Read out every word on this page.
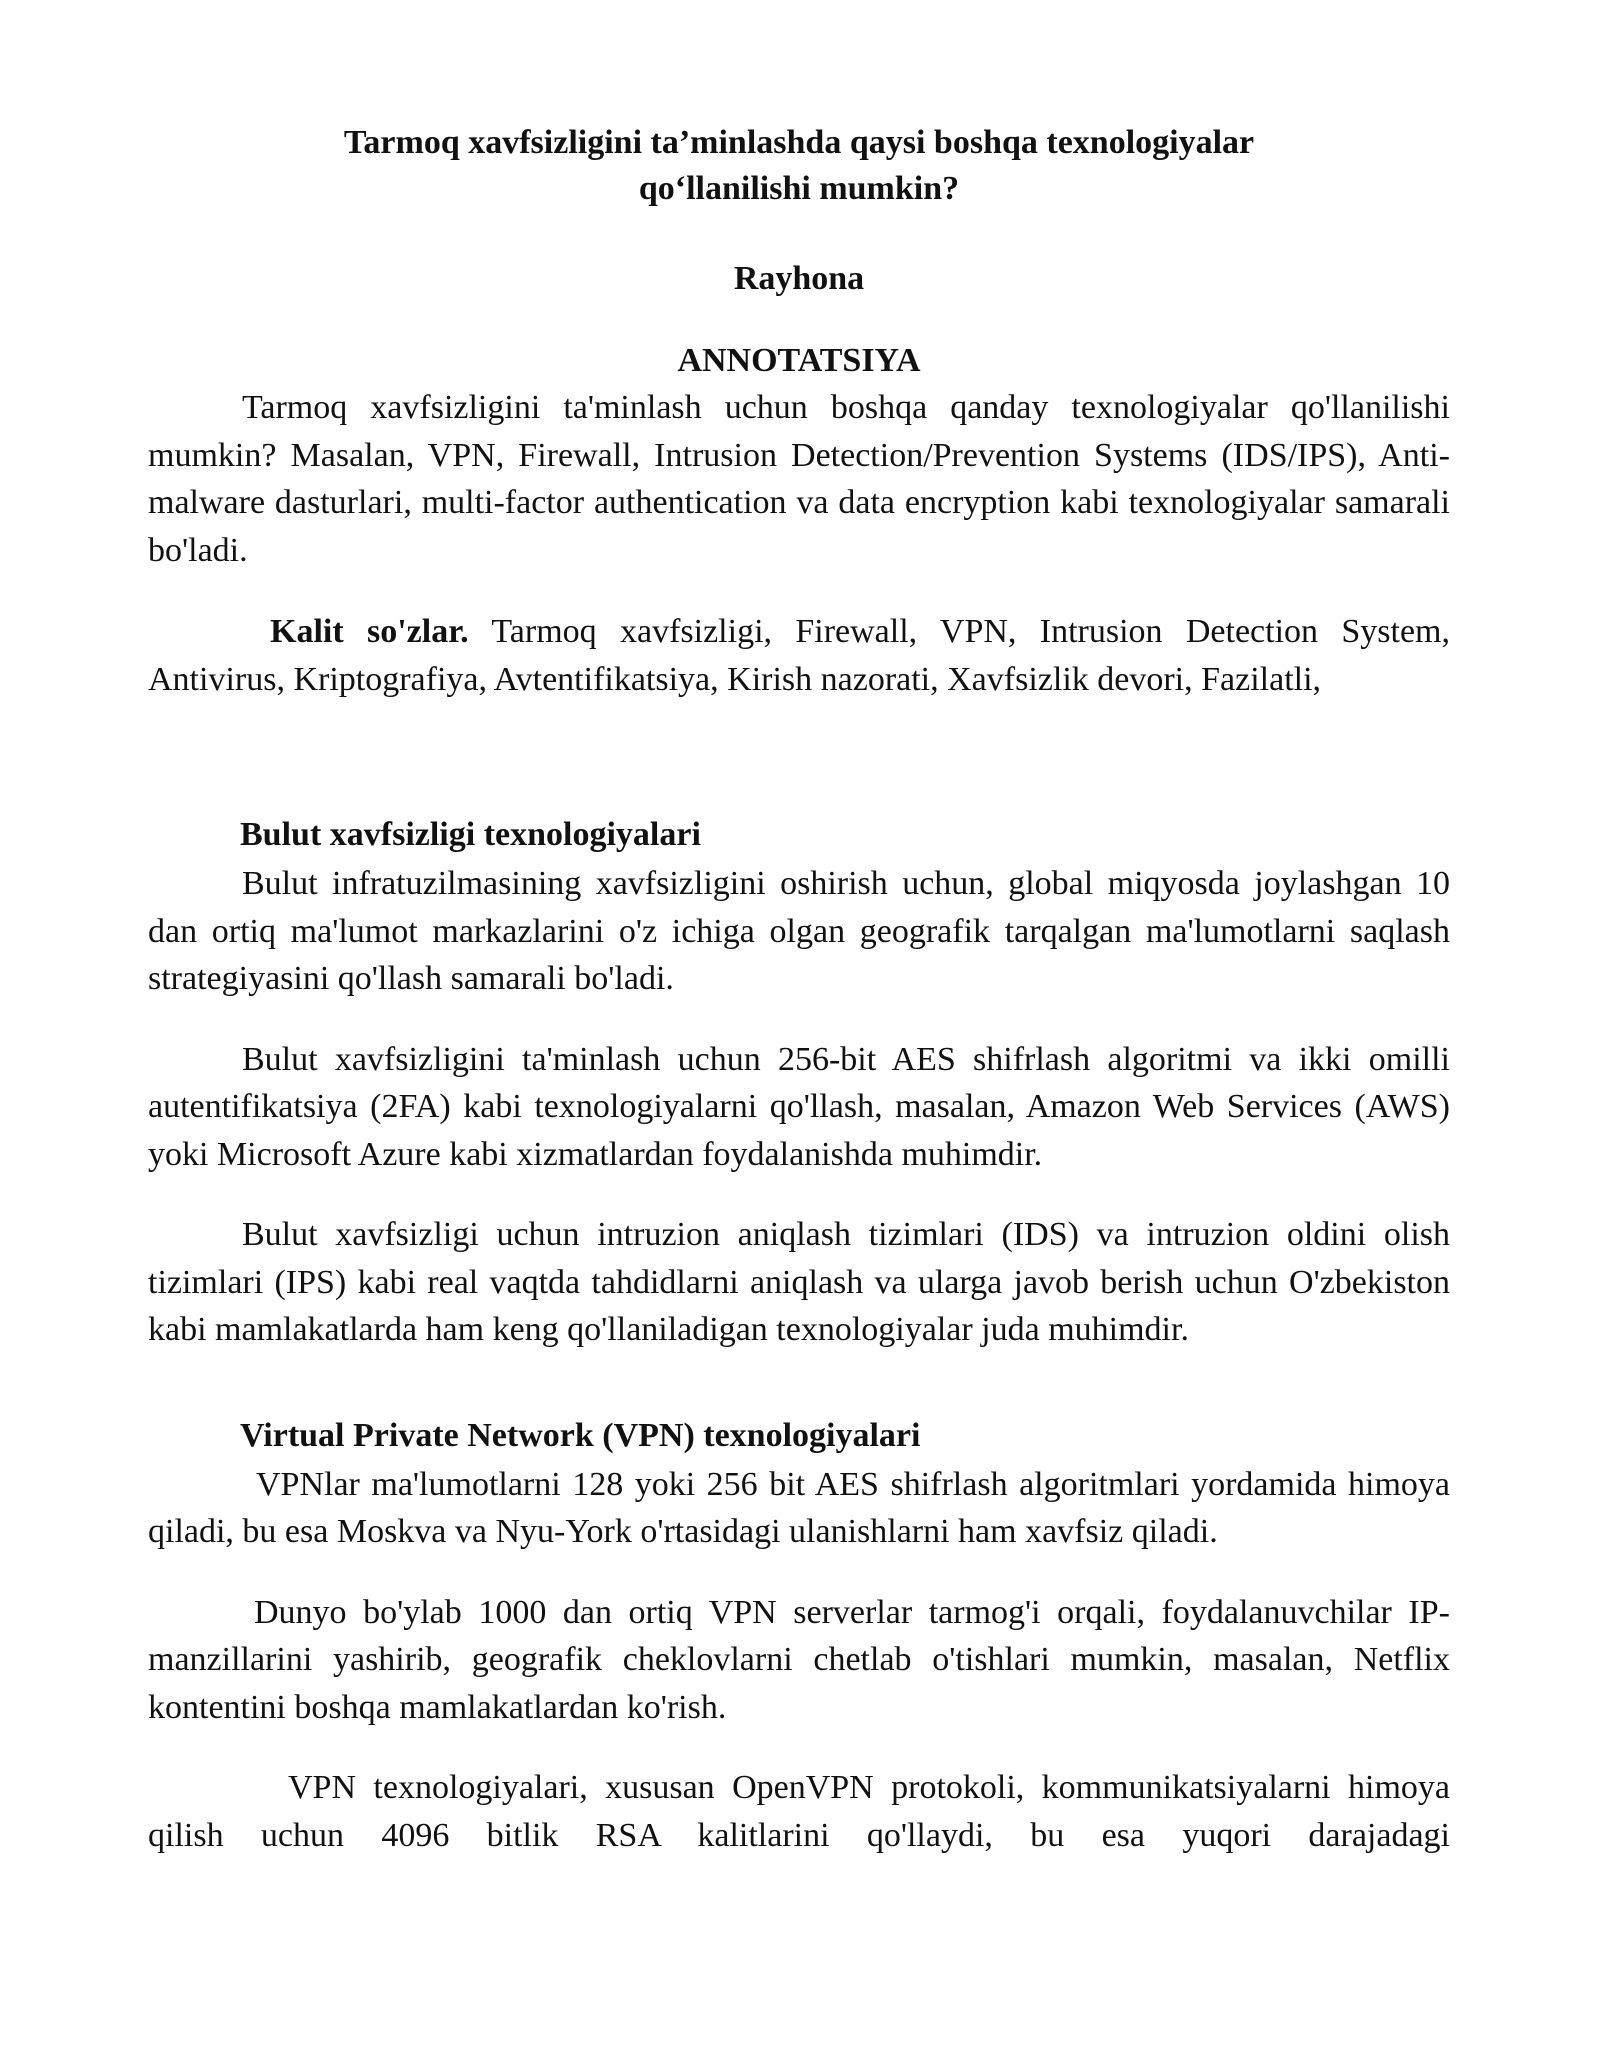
Tarmoq xavfsizligini ta’minlashda qaysi boshqa texnologiyalar qo‘llanilishi mumkin?
Rayhona
ANNOTATSIYA

Tarmoq xavfsizligini ta'minlash uchun boshqa qanday texnologiyalar qo'llanilishi mumkin? Masalan, VPN, Firewall, Intrusion Detection/Prevention Systems (IDS/IPS), Anti-malware dasturlari, multi-factor authentication va data encryption kabi texnologiyalar samarali bo'ladi.

Kalit so'zlar. Tarmoq xavfsizligi, Firewall, VPN, Intrusion Detection System, Antivirus, Kriptografiya, Avtentifikatsiya, Kirish nazorati, Xavfsizlik devori, Fazilatli,

Bulut xavfsizligi texnologiyalari

Bulut infratuzilmasining xavfsizligini oshirish uchun, global miqyosda joylashgan 10 dan ortiq ma'lumot markazlarini o'z ichiga olgan geografik tarqalgan ma'lumotlarni saqlash strategiyasini qo'llash samarali bo'ladi.

Bulut xavfsizligini ta'minlash uchun 256-bit AES shifrlash algoritmi va ikki omilli autentifikatsiya (2FA) kabi texnologiyalarni qo'llash, masalan, Amazon Web Services (AWS) yoki Microsoft Azure kabi xizmatlardan foydalanishda muhimdir.

Bulut xavfsizligi uchun intruzion aniqlash tizimlari (IDS) va intruzion oldini olish tizimlari (IPS) kabi real vaqtda tahdidlarni aniqlash va ularga javob berish uchun O'zbekiston kabi mamlakatlarda ham keng qo'llaniladigan texnologiyalar juda muhimdir.

Virtual Private Network (VPN) texnologiyalari

VPNlar ma'lumotlarni 128 yoki 256 bit AES shifrlash algoritmlari yordamida himoya qiladi, bu esa Moskva va Nyu-York o'rtasidagi ulanishlarni ham xavfsiz qiladi.

Dunyo bo'ylab 1000 dan ortiq VPN serverlar tarmog'i orqali, foydalanuvchilar IP-manzillarini yashirib, geografik cheklovlarni chetlab o'tishlari mumkin, masalan, Netflix kontentini boshqa mamlakatlardan ko'rish.

VPN texnologiyalari, xususan OpenVPN protokoli, kommunikatsiyalarni himoya qilish uchun 4096 bitlik RSA kalitlarini qo'llaydi, bu esa yuqori darajadagi
